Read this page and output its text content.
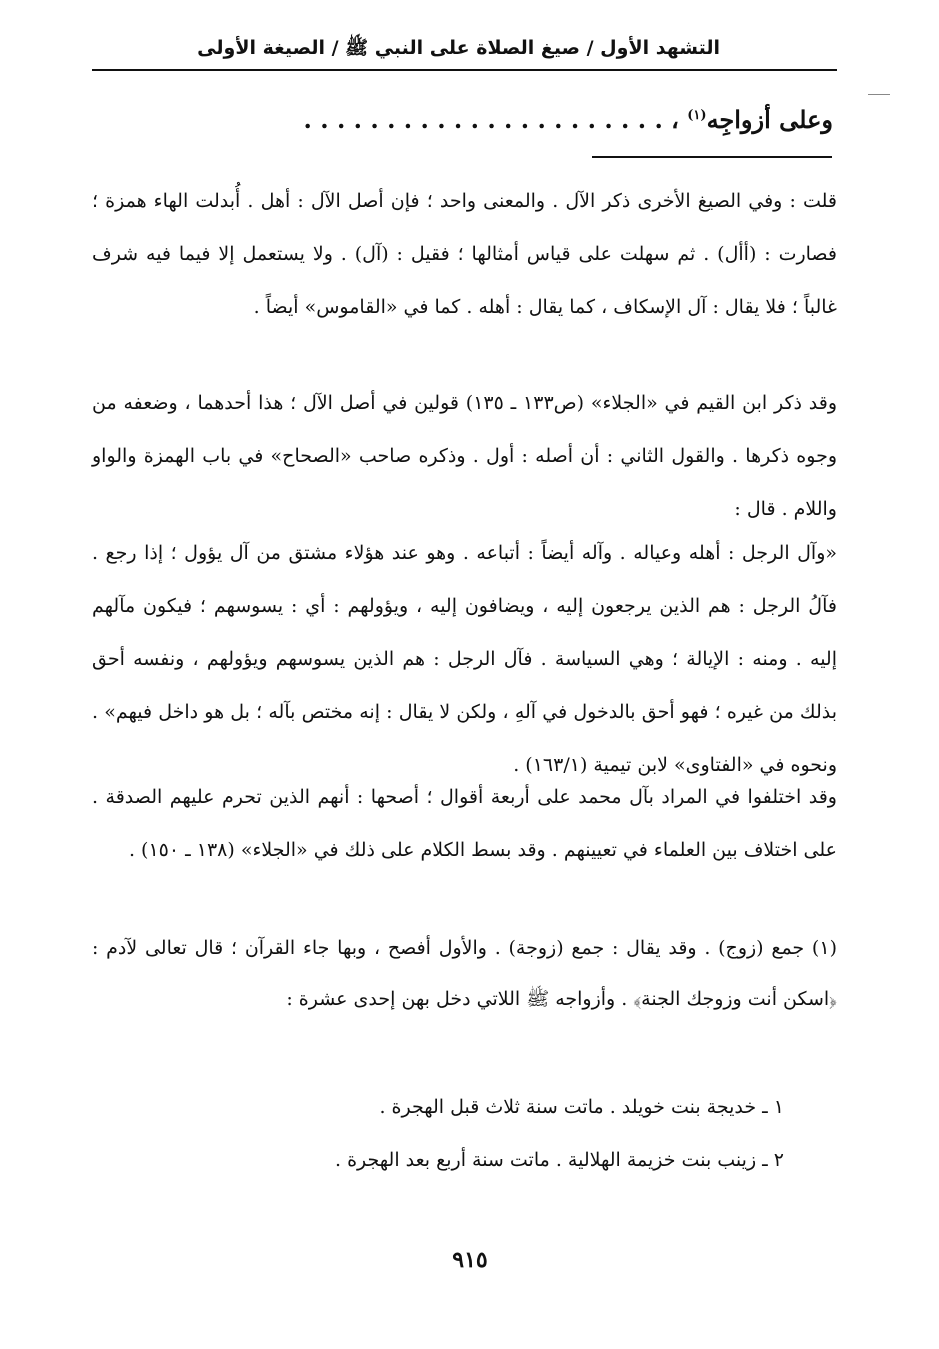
التشهد الأول / صيغ الصلاة على النبي ﷺ / الصيغة الأولى
وعلى أزواجِه$^{(١)}$ ، . . . . . . . . . . . . . . . . . . . . . .

قلت : وفي الصيغ الأخرى ذكر الآل . والمعنى واحد ؛ فإن أصل الآل : أهل . أُبدلت الهاء همزة ؛ فصارت : (أأل) . ثم سهلت على قياس أمثالها ؛ فقيل : (آل) . ولا يستعمل إلا فيما فيه شرف غالباً ؛ فلا يقال : آل الإسكاف ، كما يقال : أهله . كما في «القاموس» أيضاً .

وقد ذكر ابن القيم في «الجلاء» (ص١٣٣ ـ ١٣٥) قولين في أصل الآل ؛ هذا أحدهما ، وضعفه من وجوه ذكرها . والقول الثاني : أن أصله : أول . وذكره صاحب «الصحاح» في باب الهمزة والواو واللام . قال :

«وآل الرجل : أهله وعياله . وآله أيضاً : أتباعه . وهو عند هؤلاء مشتق من آل يؤول ؛ إذا رجع . فآلُ الرجل : هم الذين يرجعون إليه ، ويضافون إليه ، ويؤولهم : أي : يسوسهم ؛ فيكون مآلهم إليه . ومنه : الإيالة ؛ وهي السياسة . فآل الرجل : هم الذين يسوسهم ويؤولهم ، ونفسه أحق بذلك من غيره ؛ فهو أحق بالدخول في آلهِ ، ولكن لا يقال : إنه مختص بآله ؛ بل هو داخل فيهم» . ونحوه في «الفتاوى» لابن تيمية (١٦٣/١) .

وقد اختلفوا في المراد بآل محمد على أربعة أقوال ؛ أصحها : أنهم الذين تحرم عليهم الصدقة . على اختلاف بين العلماء في تعيينهم . وقد بسط الكلام على ذلك في «الجلاء» (١٣٨ ـ ١٥٠) .

(١) جمع (زوج) . وقد يقال : جمع (زوجة) . والأول أفصح ، وبها جاء القرآن ؛ قال تعالى لآدم : ﴿اسكن أنت وزوجك الجنة﴾ . وأزواجه ﷺ اللاتي دخل بهن إحدى عشرة :

١ ـ خديجة بنت خويلد . ماتت سنة ثلاث قبل الهجرة .

٢ ـ زينب بنت خزيمة الهلالية . ماتت سنة أربع بعد الهجرة .

٩١٥
